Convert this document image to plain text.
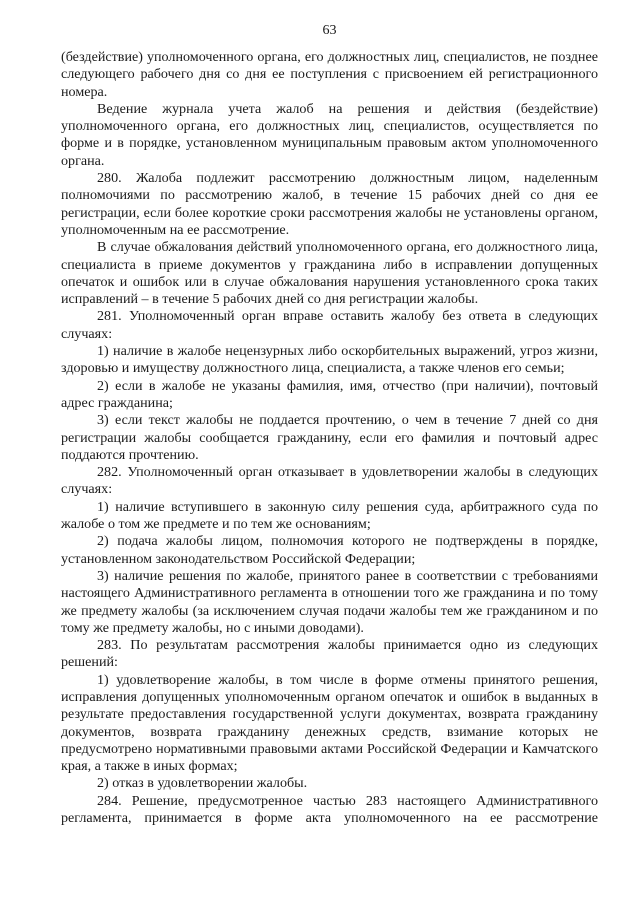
63

(бездействие) уполномоченного органа, его должностных лиц, специалистов, не позднее следующего рабочего дня со дня ее поступления с присвоением ей регистрационного номера.

Ведение журнала учета жалоб на решения и действия (бездействие) уполномоченного органа, его должностных лиц, специалистов, осуществляется по форме и в порядке, установленном муниципальным правовым актом уполномоченного органа.

280. Жалоба подлежит рассмотрению должностным лицом, наделенным полномочиями по рассмотрению жалоб, в течение 15 рабочих дней со дня ее регистрации, если более короткие сроки рассмотрения жалобы не установлены органом, уполномоченным на ее рассмотрение.

В случае обжалования действий уполномоченного органа, его должностного лица, специалиста в приеме документов у гражданина либо в исправлении допущенных опечаток и ошибок или в случае обжалования нарушения установленного срока таких исправлений – в течение 5 рабочих дней со дня регистрации жалобы.

281. Уполномоченный орган вправе оставить жалобу без ответа в следующих случаях:

1) наличие в жалобе нецензурных либо оскорбительных выражений, угроз жизни, здоровью и имуществу должностного лица, специалиста, а также членов его семьи;

2) если в жалобе не указаны фамилия, имя, отчество (при наличии), почтовый адрес гражданина;

3) если текст жалобы не поддается прочтению, о чем в течение 7 дней со дня регистрации жалобы сообщается гражданину, если его фамилия и почтовый адрес поддаются прочтению.

282. Уполномоченный орган отказывает в удовлетворении жалобы в следующих случаях:

1) наличие вступившего в законную силу решения суда, арбитражного суда по жалобе о том же предмете и по тем же основаниям;

2) подача жалобы лицом, полномочия которого не подтверждены в порядке, установленном законодательством Российской Федерации;

3) наличие решения по жалобе, принятого ранее в соответствии с требованиями настоящего Административного регламента в отношении того же гражданина и по тому же предмету жалобы (за исключением случая подачи жалобы тем же гражданином и по тому же предмету жалобы, но с иными доводами).

283. По результатам рассмотрения жалобы принимается одно из следующих решений:

1) удовлетворение жалобы, в том числе в форме отмены принятого решения, исправления допущенных уполномоченным органом опечаток и ошибок в выданных в результате предоставления государственной услуги документах, возврата гражданину документов, возврата гражданину денежных средств, взимание которых не предусмотрено нормативными правовыми актами Российской Федерации и Камчатского края, а также в иных формах;

2) отказ в удовлетворении жалобы.

284. Решение, предусмотренное частью 283 настоящего Административного регламента, принимается в форме акта уполномоченного на ее рассмотрение
